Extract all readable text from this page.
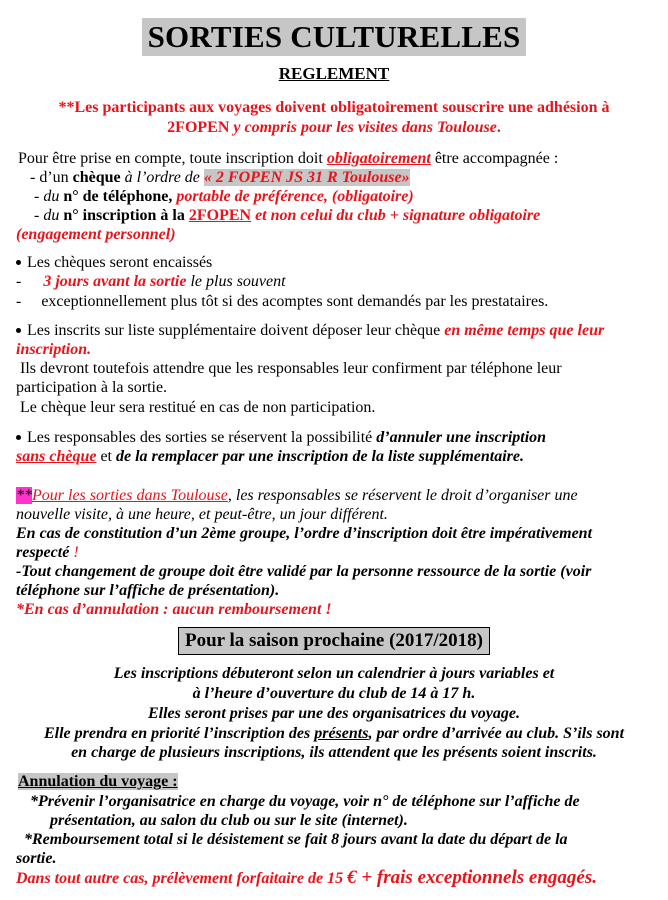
SORTIES CULTURELLES
REGLEMENT
**Les participants aux voyages doivent obligatoirement souscrire une adhésion à
2FOPEN y compris pour les visites dans Toulouse.
Pour être prise en compte, toute inscription doit obligatoirement être accompagnée :
- d’un chèque à l’ordre de « 2 FOPEN JS 31 R Toulouse»
- du n° de téléphone, portable de préférence, (obligatoire)
- du n° inscription à la 2FOPEN et non celui du club + signature obligatoire
(engagement personnel)
Les chèques seront encaissés
- 3 jours avant la sortie le plus souvent
- exceptionnellement plus tôt si des acomptes sont demandés par les prestataires.
Les inscrits sur liste supplémentaire doivent déposer leur chèque en même temps que leur
inscription.
Ils devront toutefois attendre que les responsables leur confirment par téléphone leur
participation à la sortie.
Le chèque leur sera restitué en cas de non participation.
Les responsables des sorties se réservent la possibilité d’annuler une inscription
sans chèque et de la remplacer par une inscription de la liste supplémentaire.
**Pour les sorties dans Toulouse, les responsables se réservent le droit d’organiser une
nouvelle visite, à une heure, et peut-être, un jour différent.
En cas de constitution d’un 2ème groupe, l’ordre d’inscription doit être impérativement
respecté !
-Tout changement de groupe doit être validé par la personne ressource de la sortie (voir
téléphone sur l’affiche de présentation).
*En cas d’annulation : aucun remboursement !
Pour la saison prochaine (2017/2018)
Les inscriptions débuteront selon un calendrier à jours variables et
à l’heure d’ouverture du club de 14 à 17 h.
Elles seront prises par une des organisatrices du voyage.
Elle prendra en priorité l’inscription des présents, par ordre d’arrivée au club. S’ils sont
en charge de plusieurs inscriptions, ils attendent que les présents soient inscrits.
Annulation du voyage :
*Prévenir l’organisatrice en charge du voyage, voir n° de téléphone sur l’affiche de
présentation, au salon du club ou sur le site (internet).
*Remboursement total si le désistement se fait 8 jours avant la date du départ de la
sortie.
Dans tout autre cas, prélèvement forfaitaire de 15 € + frais exceptionnels engagés.
